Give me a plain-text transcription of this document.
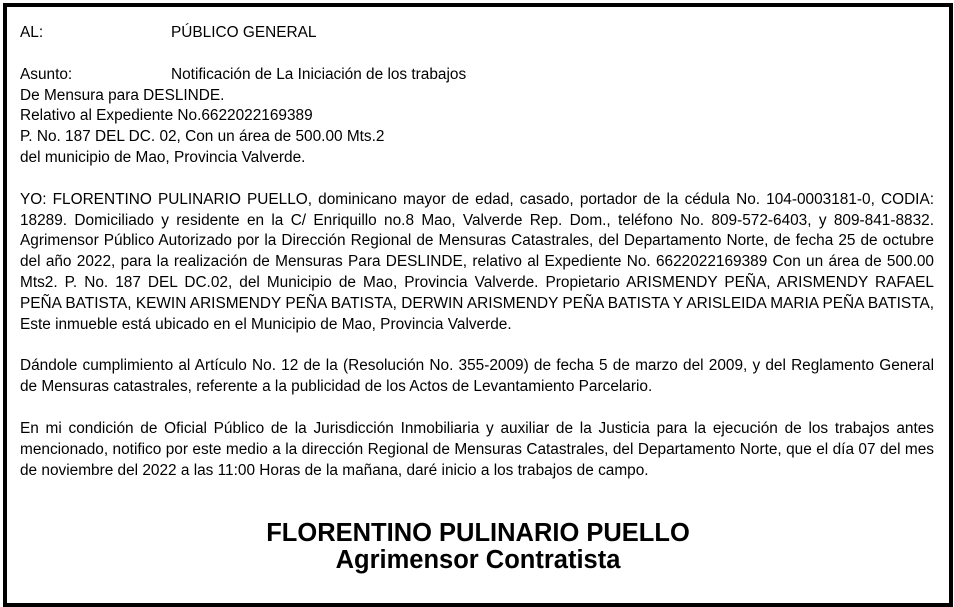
AL:	PÚBLICO GENERAL
Asunto:	Notificación de La Iniciación de los trabajos
De Mensura para DESLINDE.
Relativo al Expediente No.6622022169389
P. No. 187 DEL DC. 02, Con un área de 500.00 Mts.2
del municipio de Mao, Provincia Valverde.
YO: FLORENTINO PULINARIO PUELLO, dominicano mayor de edad, casado, portador de la cédula No. 104-0003181-0, CODIA: 18289. Domiciliado y residente en la C/ Enriquillo no.8 Mao, Valverde Rep. Dom., teléfono No. 809-572-6403, y 809-841-8832. Agrimensor Público Autorizado por la Dirección Regional de Mensuras Catastrales, del Departamento Norte, de fecha 25 de octubre del año 2022, para la realización de Mensuras Para DESLINDE, relativo al Expediente No. 6622022169389 Con un área de 500.00 Mts2. P. No. 187 DEL DC.02, del Municipio de Mao, Provincia Valverde. Propietario ARISMENDY PEÑA, ARISMENDY RAFAEL PEÑA BATISTA, KEWIN ARISMENDY PEÑA BATISTA, DERWIN ARISMENDY PEÑA BATISTA Y ARISLEIDA MARIA PEÑA BATISTA, Este inmueble está ubicado en el Municipio de Mao, Provincia Valverde.
Dándole cumplimiento al Artículo No. 12 de la (Resolución No. 355-2009) de fecha 5 de marzo del 2009, y del Reglamento General de Mensuras catastrales, referente a la publicidad de los Actos de Levantamiento Parcelario.
En mi condición de Oficial Público de la Jurisdicción Inmobiliaria y auxiliar de la Justicia para la ejecución de los trabajos antes mencionado, notifico por este medio a la dirección Regional de Mensuras Catastrales, del Departamento Norte, que el día 07 del mes de noviembre del 2022 a las 11:00 Horas de la mañana, daré inicio a los trabajos de campo.
FLORENTINO PULINARIO PUELLO
Agrimensor Contratista
